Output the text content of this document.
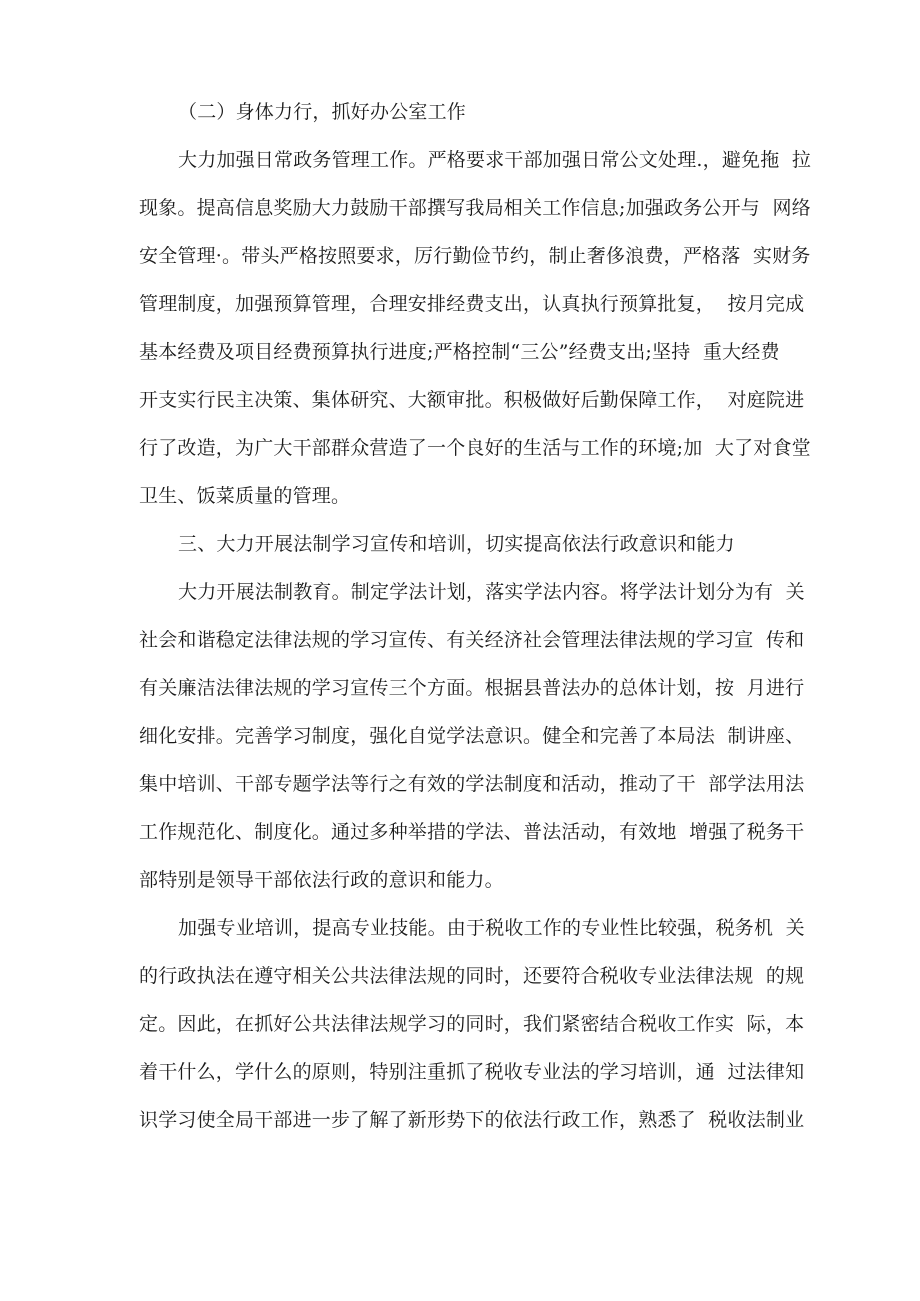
（二）身体力行，抓好办公室工作
大力加强日常政务管理工作。严格要求干部加强日常公文处理.，避免拖  拉
现象。提高信息奖励大力鼓励干部撰写我局相关工作信息;加强政务公开与  网络
安全管理·。带头严格按照要求，厉行勤俭节约，制止奢侈浪费，严格落  实财务
管理制度，加强预算管理，合理安排经费支出，认真执行预算批复，  按月完成
基本经费及项目经费预算执行进度;严格控制“三公”经费支出;坚持  重大经费
开支实行民主决策、集体研究、大额审批。积极做好后勤保障工作，  对庭院进
行了改造，为广大干部群众营造了一个良好的生活与工作的环境;加  大了对食堂
卫生、饭菜质量的管理。
三、大力开展法制学习宣传和培训，切实提高依法行政意识和能力
大力开展法制教育。制定学法计划，落实学法内容。将学法计划分为有  关
社会和谐稳定法律法规的学习宣传、有关经济社会管理法律法规的学习宣  传和
有关廉洁法律法规的学习宣传三个方面。根据县普法办的总体计划，按  月进行
细化安排。完善学习制度，强化自觉学法意识。健全和完善了本局法  制讲座、
集中培训、干部专题学法等行之有效的学法制度和活动，推动了干  部学法用法
工作规范化、制度化。通过多种举措的学法、普法活动，有效地  增强了税务干
部特别是领导干部依法行政的意识和能力。
加强专业培训，提高专业技能。由于税收工作的专业性比较强，税务机  关
的行政执法在遵守相关公共法律法规的同时，还要符合税收专业法律法规  的规
定。因此，在抓好公共法律法规学习的同时，我们紧密结合税收工作实  际，本
着干什么，学什么的原则，特别注重抓了税收专业法的学习培训，通  过法律知
识学习使全局干部进一步了解了新形势下的依法行政工作，熟悉了  税收法制业
